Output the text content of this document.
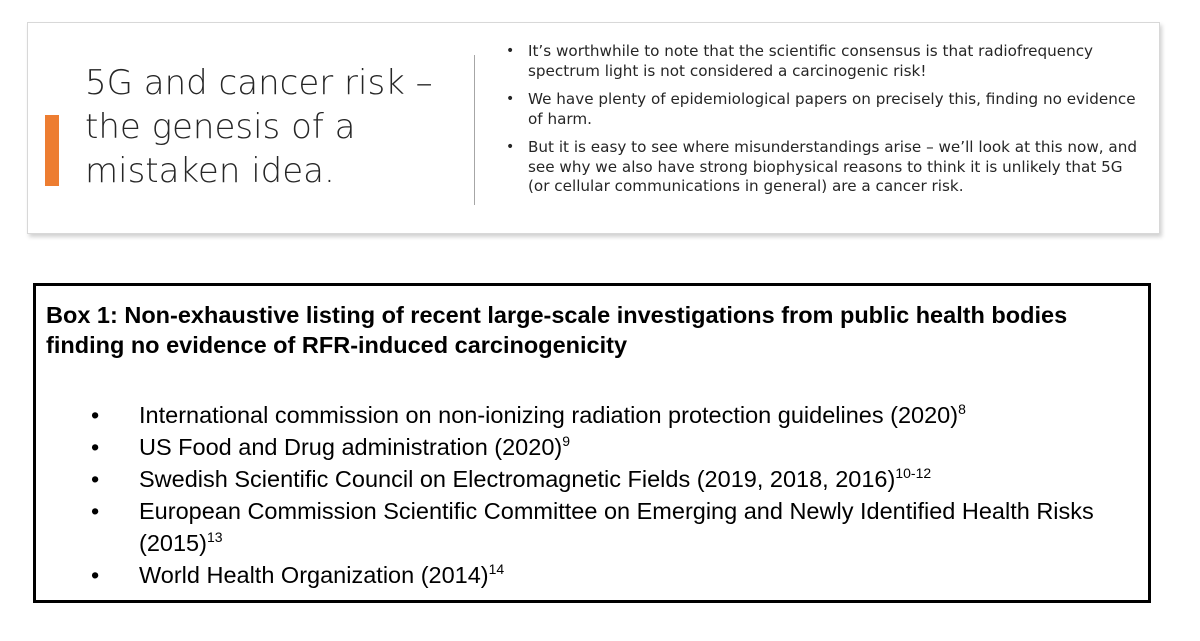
5G and cancer risk – the genesis of a mistaken idea.
• It’s worthwhile to note that the scientific consensus is that radiofrequency spectrum light is not considered a carcinogenic risk!
• We have plenty of epidemiological papers on precisely this, finding no evidence of harm.
• But it is easy to see where misunderstandings arise – we’ll look at this now, and see why we also have strong biophysical reasons to think it is unlikely that 5G (or cellular communications in general) are a cancer risk.
Box 1: Non-exhaustive listing of recent large-scale investigations from public health bodies finding no evidence of RFR-induced carcinogenicity
• International commission on non-ionizing radiation protection guidelines $(2020)^8$
• US Food and Drug administration $(2020)^9$
• Swedish Scientific Council on Electromagnetic Fields (2019, 2018, 2016)$^{10-12}$
• European Commission Scientific Committee on Emerging and Newly Identified Health Risks $(2015)^{13}$
• World Health Organization $(2014)^{14}$
